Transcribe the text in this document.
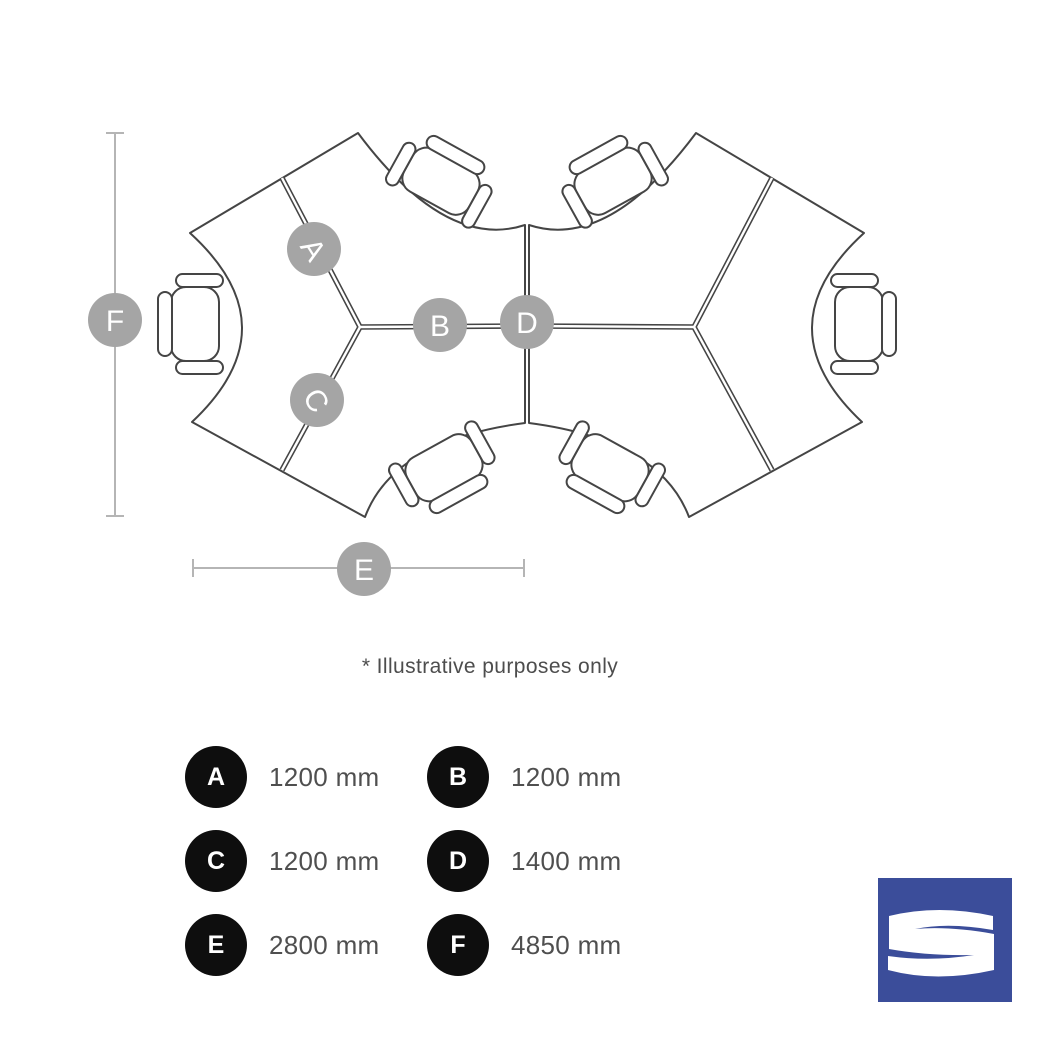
A
B
C
D
E
F
* Illustrative purposes only
A	1200 mm	B	1200 mm
C	1200 mm	D	1400 mm
E	2800 mm	F	4850 mm
